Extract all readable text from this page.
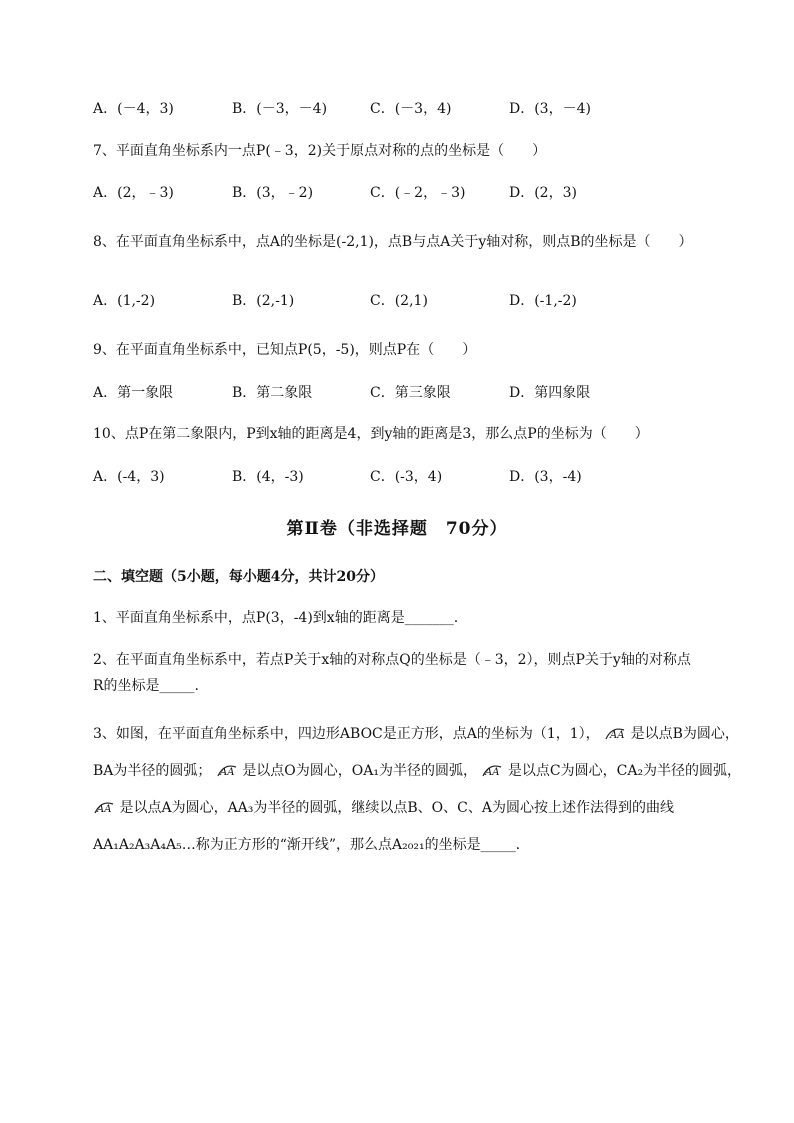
A．(－4，3)	B．(－3，－4)	C．(－3，4)	D．(3，－4)
7、平面直角坐标系内一点P(﹣3，2)关于原点对称的点的坐标是（　　）
A．(2，﹣3)	B．(3，﹣2)	C．(﹣2，﹣3)	D．(2，3)
8、在平面直角坐标系中，点A的坐标是(-2,1)，点B与点A关于y轴对称，则点B的坐标是（　　）
A．(1,-2)	B．(2,-1)	C．(2,1)	D．(-1,-2)
9、在平面直角坐标系中，已知点P(5，-5)，则点P在（　　）
A．第一象限	B．第二象限	C．第三象限	D．第四象限
10、点P在第二象限内，P到x轴的距离是4，到y轴的距离是3，那么点P的坐标为（　　）
A．(-4，3)	B．(4，-3)	C．(-3，4)	D．(3，-4)
第Ⅱ卷（非选择题　70分）
二、填空题（5小题，每小题4分，共计20分）
1、平面直角坐标系中，点P(3，-4)到x轴的距离是_______.
2、在平面直角坐标系中，若点P关于x轴的对称点Q的坐标是（﹣3，2），则点P关于y轴的对称点
R的坐标是_____.
3、如图，在平面直角坐标系中，四边形ABOC是正方形，点A的坐标为（1，1）， AA 是以点B为圆心，BA为半径的圆弧； AA 是以点O为圆心，OA₁为半径的圆弧， AA 是以点C为圆心，CA₂为半径的圆弧，
AA 是以点A为圆心，AA₃为半径的圆弧，继续以点B、O、C、A为圆心按上述作法得到的曲线AA₁A₂A₃A₄A₅…称为正方形的“渐开线”，那么点A₂₀₂₁的坐标是_____.
